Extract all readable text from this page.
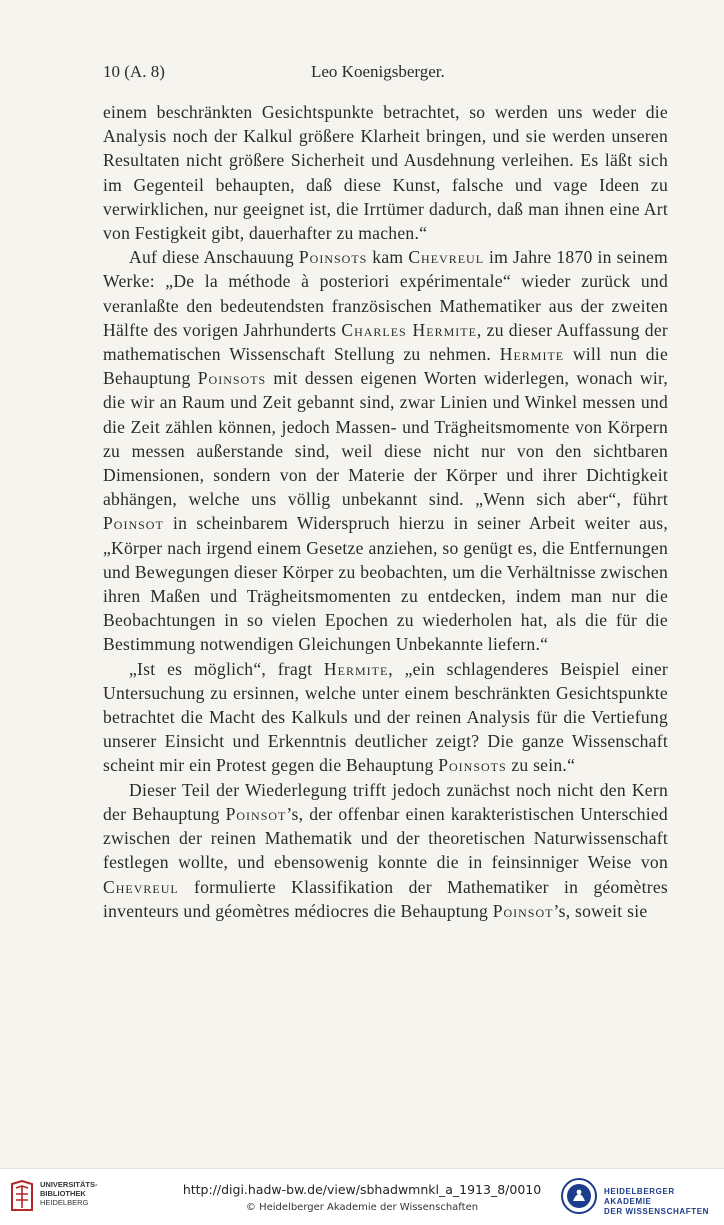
10 (A. 8)	Leo Koenigsberger.

einem beschränkten Gesichtspunkte betrachtet, so werden uns weder die Analysis noch der Kalkul größere Klarheit bringen, und sie werden unseren Resultaten nicht größere Sicherheit und Ausdehnung verleihen. Es läßt sich im Gegenteil behaupten, daß diese Kunst, falsche und vage Ideen zu verwirklichen, nur geeignet ist, die Irrtümer dadurch, daß man ihnen eine Art von Festigkeit gibt, dauerhafter zu machen.“

Auf diese Anschauung Poinsots kam Chevreul im Jahre 1870 in seinem Werke: „De la méthode à posteriori expérimentale“ wieder zurück und veranlaßte den bedeutendsten französischen Mathematiker aus der zweiten Hälfte des vorigen Jahrhunderts Charles Hermite, zu dieser Auffassung der mathematischen Wissenschaft Stellung zu nehmen. Hermite will nun die Behauptung Poinsots mit dessen eigenen Worten widerlegen, wonach wir, die wir an Raum und Zeit gebannt sind, zwar Linien und Winkel messen und die Zeit zählen können, jedoch Massen- und Trägheitsmomente von Körpern zu messen außerstande sind, weil diese nicht nur von den sichtbaren Dimensionen, sondern von der Materie der Körper und ihrer Dichtigkeit abhängen, welche uns völlig unbekannt sind. „Wenn sich aber“, führt Poinsot in scheinbarem Widerspruch hierzu in seiner Arbeit weiter aus, „Körper nach irgend einem Gesetze anziehen, so genügt es, die Entfernungen und Bewegungen dieser Körper zu beobachten, um die Verhältnisse zwischen ihren Maßen und Trägheitsmomenten zu entdecken, indem man nur die Beobachtungen in so vielen Epochen zu wiederholen hat, als die für die Bestimmung notwendigen Gleichungen Unbekannte liefern.“

„Ist es möglich“, fragt Hermite, „ein schlagenderes Beispiel einer Untersuchung zu ersinnen, welche unter einem beschränkten Gesichtspunkte betrachtet die Macht des Kalkuls und der reinen Analysis für die Vertiefung unserer Einsicht und Erkenntnis deutlicher zeigt? Die ganze Wissenschaft scheint mir ein Protest gegen die Behauptung Poinsots zu sein.“

Dieser Teil der Wiederlegung trifft jedoch zunächst noch nicht den Kern der Behauptung Poinsot’s, der offenbar einen karakteristischen Unterschied zwischen der reinen Mathematik und der theoretischen Naturwissenschaft festlegen wollte, und ebensowenig konnte die in feinsinniger Weise von Chevreul formulierte Klassifikation der Mathematiker in géomètres inventeurs und géomètres médiocres die Behauptung Poinsot’s, soweit sie

UNIVERSITÄTS-
BIBLIOTHEK
HEIDELBERG
http://digi.hadw-bw.de/view/sbhadwmnkl_a_1913_8/0010
© Heidelberger Akademie der Wissenschaften
HEIDELBERGER AKADEMIE
DER WISSENSCHAFTEN
